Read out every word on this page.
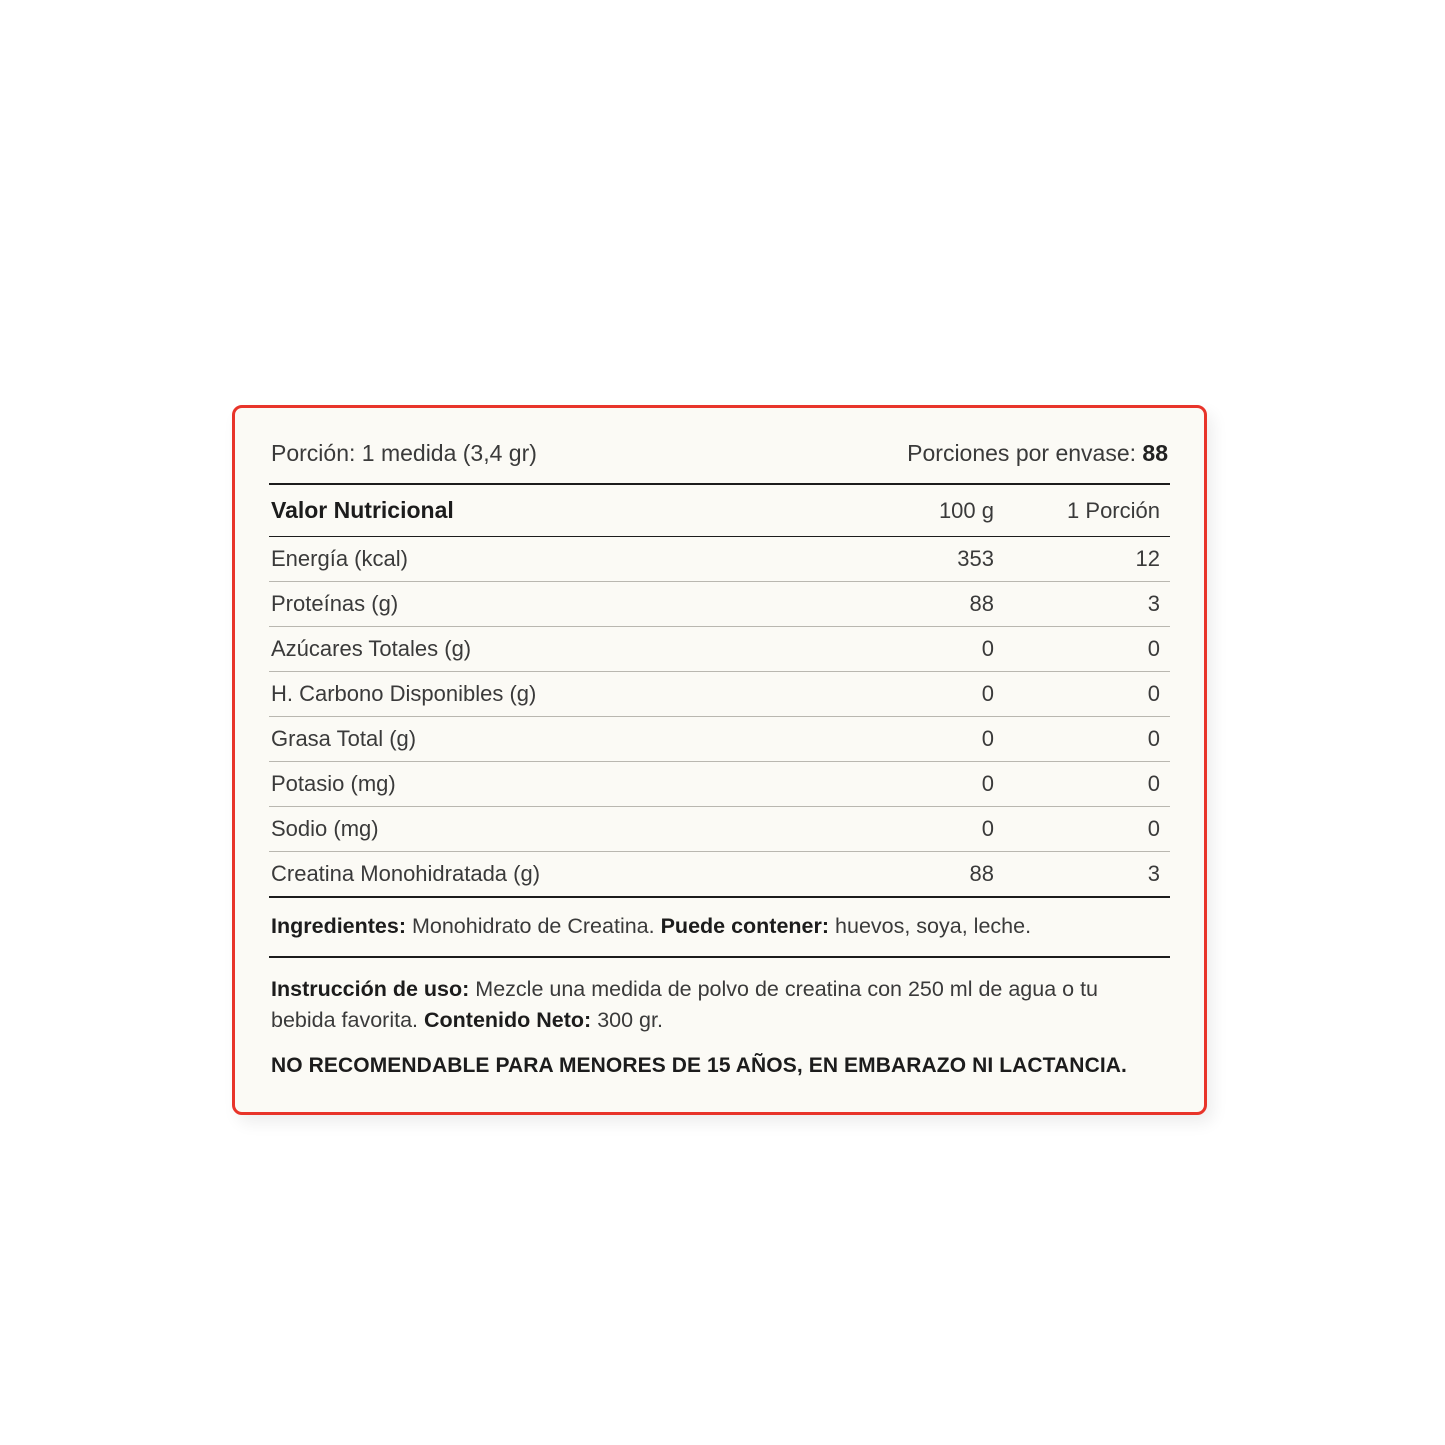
Porción: 1 medida (3,4 gr)	Porciones por envase: 88
Valor Nutricional	100 g	1 Porción
Energía (kcal)	353	12
Proteínas (g)	88	3
Azúcares Totales (g)	0	0
H. Carbono Disponibles (g)	0	0
Grasa Total (g)	0	0
Potasio (mg)	0	0
Sodio (mg)	0	0
Creatina Monohidratada (g)	88	3
Ingredientes: Monohidrato de Creatina. Puede contener: huevos, soya, leche.
Instrucción de uso: Mezcle una medida de polvo de creatina con 250 ml de agua o tu bebida favorita. Contenido Neto: 300 gr.
NO RECOMENDABLE PARA MENORES DE 15 AÑOS, EN EMBARAZO NI LACTANCIA.
